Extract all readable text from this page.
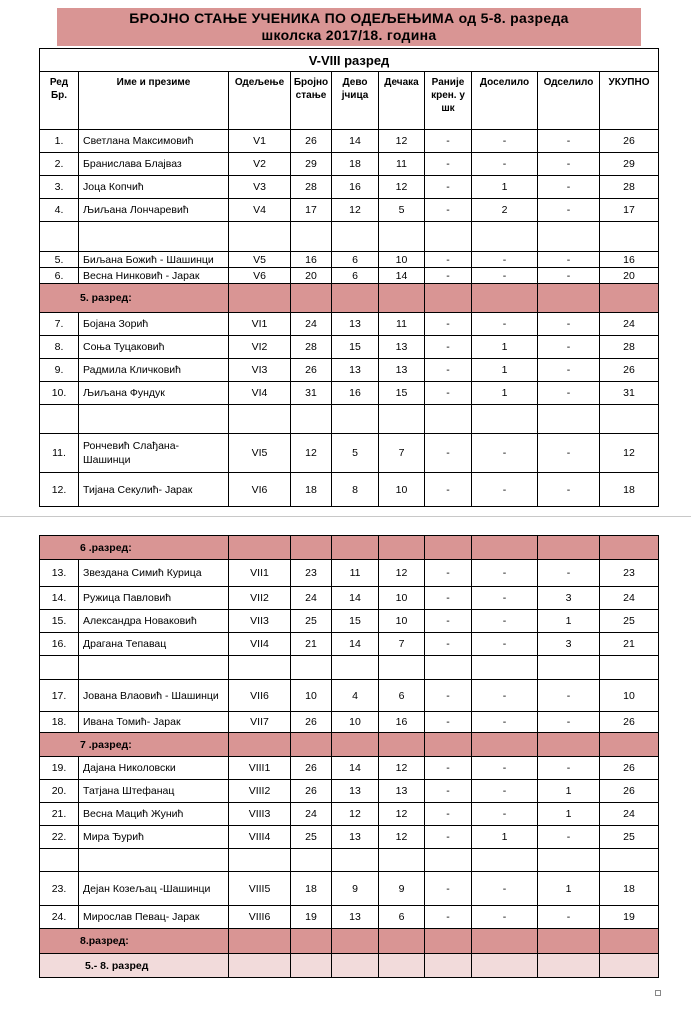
БРОЈНО СТАЊЕ УЧЕНИКА ПО ОДЕЉЕЊИМА од 5-8. разреда
школска 2017/18. година
V-VIII разред									
Ред Бр.	Име и презиме	Одељење	Бројно стање	Дево јчица	Дечака	Раније крен. у шк	Доселило	Одселило	УКУПНО
1.	Светлана Максимовић	V1	26	14	12	-	-	-	26
2.	Бранислава Блајваз	V2	29	18	11	-	-	-	29
3.	Јоца Копчић	V3	28	16	12	-	1	-	28
4.	Љиљана Лончаревић	V4	17	12	5	-	2	-	17

5.	Биљана Божић - Шашинци	V5	16	6	10	-	-	-	16
6.	Весна Нинковић - Јарак	V6	20	6	14	-	-	-	20
5. разред:									
7.	Бојана Зорић	VI1	24	13	11	-	-	-	24
8.	Соња Туцаковић	VI2	28	15	13	-	1	-	28
9.	Радмила Кличковић	VI3	26	13	13	-	1	-	26
10.	Љиљана Фундук	VI4	31	16	15	-	1	-	31

11.	Рончевић Слађана-Шашинци	VI5	12	5	7	-	-	-	12
12.	Тијана Секулић- Јарак	VI6	18	8	10	-	-	-	18
6 .разред:									
13.	Звездана Симић Курица	VII1	23	11	12	-	-	-	23
14.	Ружица Павловић	VII2	24	14	10	-	-	3	24
15.	Александра Новаковић	VII3	25	15	10	-	-	1	25
16.	Драгана Тепавац	VII4	21	14	7	-	-	3	21

17.	Јована Влаовић - Шашинци	VII6	10	4	6	-	-	-	10
18.	Ивана Томић- Јарак	VII7	26	10	16	-	-	-	26
7 .разред:									
19.	Дајана Николовски	VIII1	26	14	12	-	-	-	26
20.	Татјана Штефанац	VIII2	26	13	13	-	-	1	26
21.	Весна Мацић Жунић	VIII3	24	12	12	-	-	1	24
22.	Мира Ђурић	VIII4	25	13	12	-	1	-	25

23.	Дејан Козељац -Шашинци	VIII5	18	9	9	-	-	1	18
24.	Мирослав Певац- Јарак	VIII6	19	13	6	-	-	-	19
8.разред:									
5.- 8. разред									
